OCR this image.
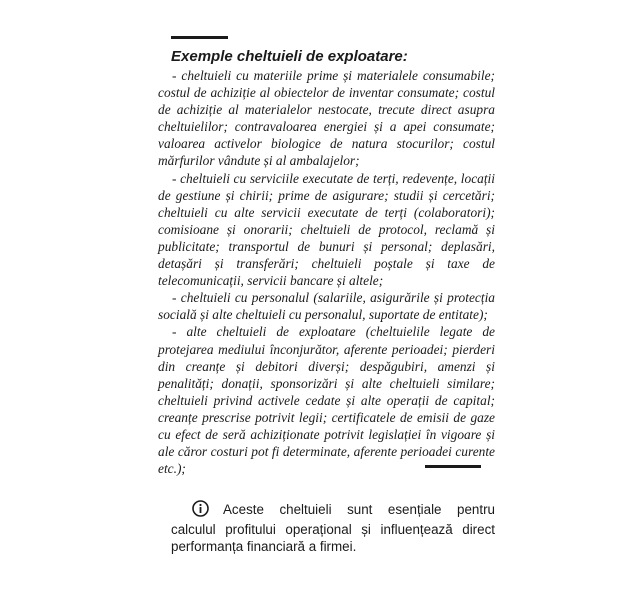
Exemple cheltuieli de exploatare:

- cheltuieli cu materiile prime și materialele consumabile; costul de achiziție al obiectelor de inventar consumate; costul de achiziție al materialelor nestocate, trecute direct asupra cheltuielilor; contravaloarea energiei și a apei consumate; valoarea activelor biologice de natura stocurilor; costul mărfurilor vândute și al ambalajelor;

- cheltuieli cu serviciile executate de terți, redevențe, locații de gestiune și chirii; prime de asigurare; studii și cercetări; cheltuieli cu alte servicii executate de terți (colaboratori); comisioane și onorarii; cheltuieli de protocol, reclamă și publicitate; transportul de bunuri și personal; deplasări, detașări și transferări; cheltuieli poștale și taxe de telecomunicații, servicii bancare și altele;

- cheltuieli cu personalul (salariile, asigurările și protecția socială și alte cheltuieli cu personalul, suportate de entitate);

- alte cheltuieli de exploatare (cheltuielile legate de protejarea mediului înconjurător, aferente perioadei; pierderi din creanțe și debitori diverși; despăgubiri, amenzi și penalități; donații, sponsorizări și alte cheltuieli similare; cheltuieli privind activele cedate și alte operații de capital; creanțe prescrise potrivit legii; certificatele de emisii de gaze cu efect de seră achiziționate potrivit legislației în vigoare și ale căror costuri pot fi determinate, aferente perioadei curente etc.);

Aceste cheltuieli sunt esențiale pentru calculul profitului operațional și influențează direct performanța financiară a firmei.
